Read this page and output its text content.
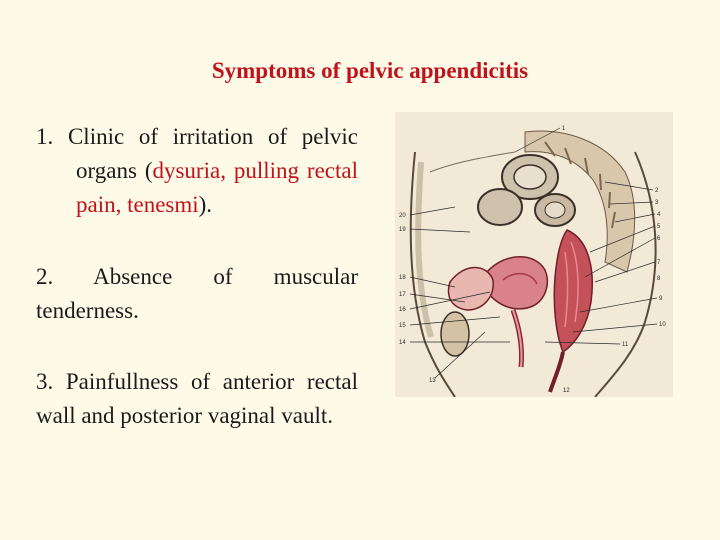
Symptoms of pelvic appendicitis
1. Clinic of irritation of pelvic organs (dysuria, pulling rectal pain, tenesmi).
2. Absence of muscular tenderness.
3. Painfullness of anterior rectal wall and posterior vaginal vault.
1
2
3
4
5
6
7
8
9
10
11
12
20
19
18
17
16
15
14
13
